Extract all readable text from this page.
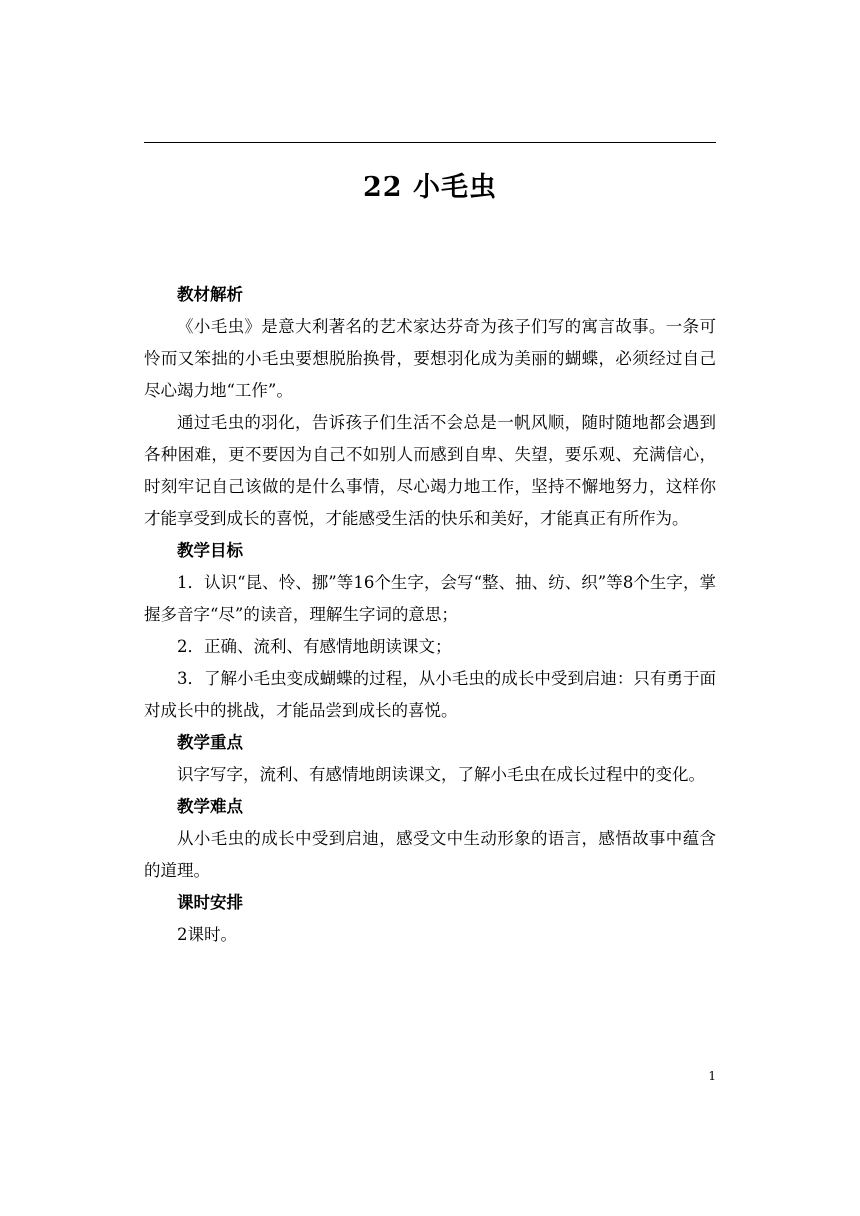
22 小毛虫
教材解析

《小毛虫》是意大利著名的艺术家达芬奇为孩子们写的寓言故事。一条可怜而又笨拙的小毛虫要想脱胎换骨，要想羽化成为美丽的蝴蝶，必须经过自己尽心竭力地“工作”。

通过毛虫的羽化，告诉孩子们生活不会总是一帆风顺，随时随地都会遇到各种困难，更不要因为自己不如别人而感到自卑、失望，要乐观、充满信心，时刻牢记自己该做的是什么事情，尽心竭力地工作，坚持不懈地努力，这样你才能享受到成长的喜悦，才能感受生活的快乐和美好，才能真正有所作为。

教学目标

1．认识“昆、怜、挪”等16个生字，会写“整、抽、纺、织”等8个生字，掌握多音字“尽”的读音，理解生字词的意思；

2．正确、流利、有感情地朗读课文；

3．了解小毛虫变成蝴蝶的过程，从小毛虫的成长中受到启迪：只有勇于面对成长中的挑战，才能品尝到成长的喜悦。

教学重点

识字写字，流利、有感情地朗读课文，了解小毛虫在成长过程中的变化。

教学难点

从小毛虫的成长中受到启迪，感受文中生动形象的语言，感悟故事中蕴含的道理。

课时安排

2课时。

1
